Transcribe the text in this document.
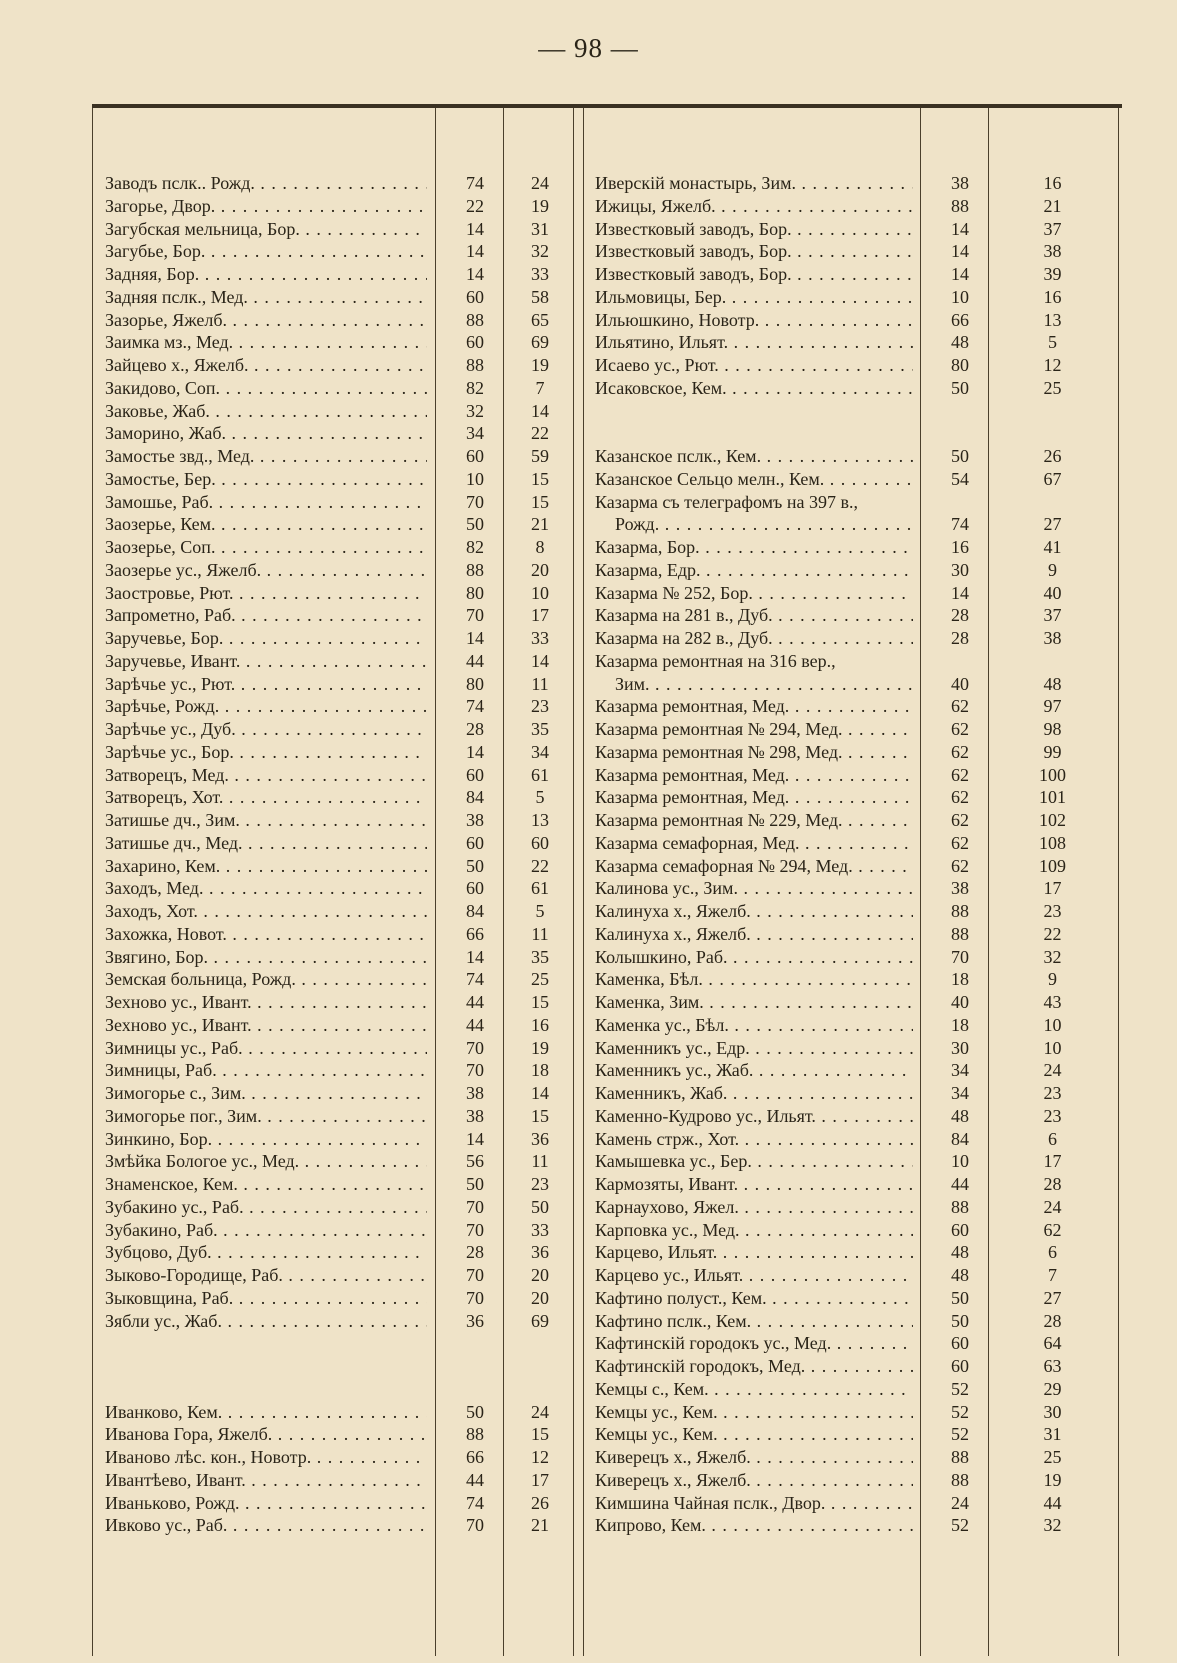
— 98 —
Заводъ пслк.. Рожд. . . .	74	24
Загорье, Двор. . . .	22	19
Загубская мельница, Бор. . . .	14	31
Загубье, Бор. . . .	14	32
Задняя, Бор. . . .	14	33
Задняя пслк., Мед. . . .	60	58
Зазорье, Яжелб. . . .	88	65
Заимка мз., Мед. . . .	60	69
Зайцево х., Яжелб. . . .	88	19
Закидово, Соп. . . .	82	7
Заковье, Жаб. . . .	32	14
Заморино, Жаб. . . .	34	22
Замостье звд., Мед. . . .	60	59
Замостье, Бер. . . .	10	15
Замошье, Раб. . . .	70	15
Заозерье, Кем. . . .	50	21
Заозерье, Соп. . . .	82	8
Заозерье ус., Яжелб. . . .	88	20
Заостровье, Рют. . . .	80	10
Запрометно, Раб. . . .	70	17
Заручевье, Бор. . . .	14	33
Заручевье, Ивант. . . .	44	14
Зарѣчье ус., Рют. . . .	80	11
Зарѣчье, Рожд. . . .	74	23
Зарѣчье ус., Дуб. . . .	28	35
Зарѣчье ус., Бор. . . .	14	34
Затворецъ, Мед. . . .	60	61
Затворецъ, Хот. . . .	84	5
Затишье дч., Зим. . . .	38	13
Затишье дч., Мед. . . .	60	60
Захарино, Кем. . . .	50	22
Заходъ, Мед. . . .	60	61
Заходъ, Хот. . . .	84	5
Захожка, Новот. . . .	66	11
Звягино, Бор. . . .	14	35
Земская больница, Рожд. . . .	74	25
Зехново ус., Ивант. . . .	44	15
Зехново ус., Ивант. . . .	44	16
Зимницы ус., Раб. . . .	70	19
Зимницы, Раб. . . .	70	18
Зимогорье с., Зим. . . .	38	14
Зимогорье пог., Зим. . . .	38	15
Зинкино, Бор. . . .	14	36
Змѣйка Бологое ус., Мед. . . .	56	11
Знаменское, Кем. . . .	50	23
Зубакино ус., Раб. . . .	70	50
Зубакино, Раб. . . .	70	33
Зубцово, Дуб. . . .	28	36
Зыково-Городище, Раб. . . .	70	20
Зыковщина, Раб. . . .	70	20
Зябли ус., Жаб. . . .	36	69
Иванково, Кем. . . .	50	24
Иванова Гора, Яжелб. . . .	88	15
Иваново лѣс. кон., Новотр. . . .	66	12
Ивантѣево, Ивант. . . .	44	17
Иваньково, Рожд. . . .	74	26
Ивково ус., Раб. . . .	70	21
Иверскій монастырь, Зим. . . .	38	16
Ижицы, Яжелб. . . .	88	21
Известковый заводъ, Бор. . . .	14	37
Известковый заводъ, Бор. . . .	14	38
Известковый заводъ, Бор. . . .	14	39
Ильмовицы, Бер. . . .	10	16
Ильюшкино, Новотр. . . .	66	13
Ильятино, Ильят. . . .	48	5
Исаево ус., Рют. . . .	80	12
Исаковское, Кем. . . .	50	25
Казанское пслк., Кем. . . .	50	26
Казанское Сельцо мелн., Кем. . . .	54	67
Казарма съ телеграфомъ на 397 в.,
Рожд. . . .	74	27
Казарма, Бор. . . .	16	41
Казарма, Едр. . . .	30	9
Казарма № 252, Бор. . . .	14	40
Казарма на 281 в., Дуб. . . .	28	37
Казарма на 282 в., Дуб. . . .	28	38
Казарма ремонтная на 316 вер.,
Зим. . . .	40	48
Казарма ремонтная, Мед. . . .	62	97
Казарма ремонтная № 294, Мед. . . .	62	98
Казарма ремонтная № 298, Мед. . . .	62	99
Казарма ремонтная, Мед. . . .	62	100
Казарма ремонтная, Мед. . . .	62	101
Казарма ремонтная № 229, Мед. . . .	62	102
Казарма семафорная, Мед. . . .	62	108
Казарма семафорная № 294, Мед. . . .	62	109
Калинова ус., Зим. . . .	38	17
Калинуха х., Яжелб. . . .	88	23
Калинуха х., Яжелб. . . .	88	22
Колышкино, Раб. . . .	70	32
Каменка, Бѣл. . . .	18	9
Каменка, Зим. . . .	40	43
Каменка ус., Бѣл. . . .	18	10
Каменникъ ус., Едр. . . .	30	10
Каменникъ ус., Жаб. . . .	34	24
Каменникъ, Жаб. . . .	34	23
Каменно-Кудрово ус., Ильят. . . .	48	23
Камень стрж., Хот. . . .	84	6
Камышевка ус., Бер. . . .	10	17
Кармозяты, Ивант. . . .	44	28
Карнаухово, Яжел. . . .	88	24
Карповка ус., Мед. . . .	60	62
Карцево, Ильят. . . .	48	6
Карцево ус., Ильят. . . .	48	7
Кафтино полуст., Кем. . . .	50	27
Кафтино пслк., Кем. . . .	50	28
Кафтинскій городокъ ус., Мед. . . .	60	64
Кафтинскій городокъ, Мед. . . .	60	63
Кемцы с., Кем. . . .	52	29
Кемцы ус., Кем. . . .	52	30
Кемцы ус., Кем. . . .	52	31
Киверецъ х., Яжелб. . . .	88	25
Киверецъ х., Яжелб. . . .	88	19
Кимшина Чайная пслк., Двор. . . .	24	44
Кипрово, Кем. . . .	52	32
